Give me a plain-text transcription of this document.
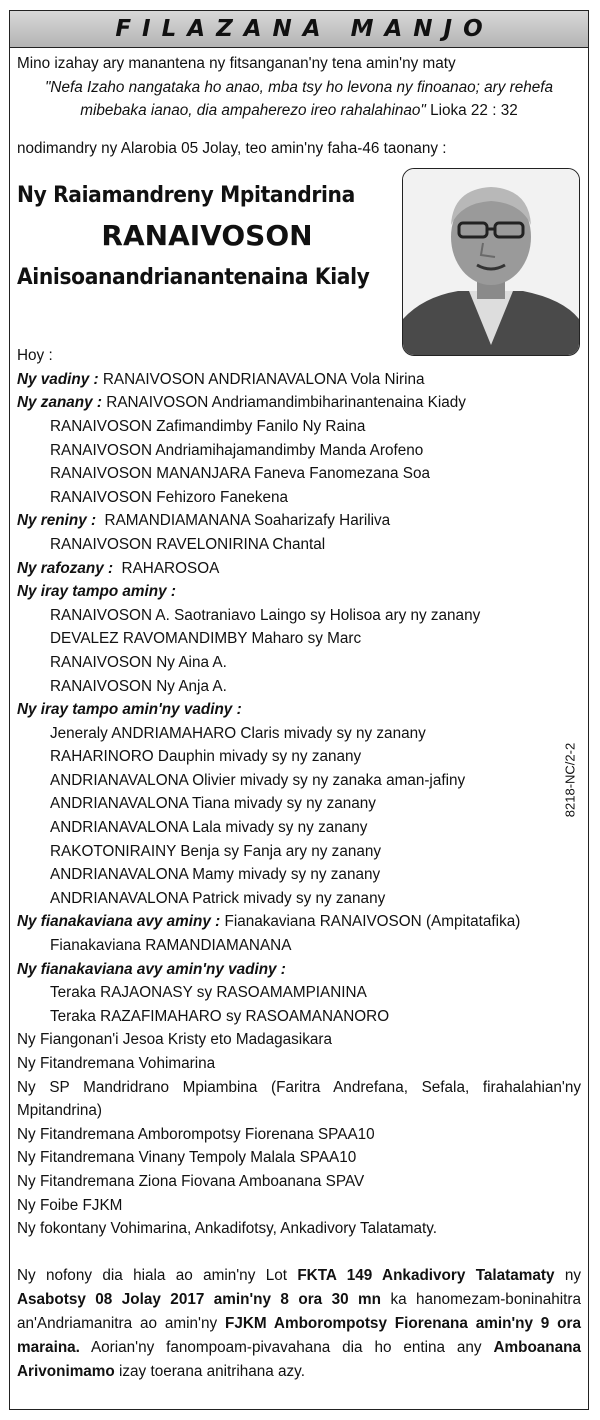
FILAZANA MANJO
Mino izahay ary manantena ny fitsanganan'ny tena amin'ny maty
"Nefa Izaho nangataka ho anao, mba tsy ho levona ny finoanao; ary rehefa mibebaka ianao, dia ampaherezo ireo rahalahinao" Lioka 22 : 32
nodimandry ny Alarobia 05 Jolay, teo amin'ny faha-46 taonany :
Ny Raiamandreny Mpitandrina
RANAIVOSON
Ainisoanandrianantenaina Kialy
Hoy :
Ny vadiny : RANAIVOSON ANDRIANAVALONA Vola Nirina
Ny zanany : RANAIVOSON Andriamandimbiharinantenaina Kiady
RANAIVOSON Zafimandimby Fanilo Ny Raina
RANAIVOSON Andriamihajamandimby Manda Arofeno
RANAIVOSON MANANJARA Faneva Fanomezana Soa
RANAIVOSON Fehizoro Fanekena
Ny reniny :  RAMANDIAMANANA Soaharizafy Hariliva
RANAIVOSON RAVELONIRINA Chantal
Ny rafozany :  RAHAROSOA
Ny iray tampo aminy :
RANAIVOSON A. Saotraniavo Laingo sy Holisoa ary ny zanany
DEVALEZ RAVOMANDIMBY Maharo sy Marc
RANAIVOSON Ny Aina A.
RANAIVOSON Ny Anja A.
Ny iray tampo amin'ny vadiny :
Jeneraly ANDRIAMAHARO Claris mivady sy ny zanany
RAHARINORO Dauphin mivady sy ny zanany
ANDRIANAVALONA Olivier mivady sy ny zanaka aman-jafiny
ANDRIANAVALONA Tiana mivady sy ny zanany
ANDRIANAVALONA Lala mivady sy ny zanany
RAKOTONIRAINY Benja sy Fanja ary ny zanany
ANDRIANAVALONA Mamy mivady sy ny zanany
ANDRIANAVALONA Patrick mivady sy ny zanany
Ny fianakaviana avy aminy : Fianakaviana RANAIVOSON (Ampitatafika)
Fianakaviana RAMANDIAMANANA
Ny fianakaviana avy amin'ny vadiny :
Teraka RAJAONASY sy RASOAMAMPIANINA
Teraka RAZAFIMAHARO sy RASOAMANANORO
Ny Fiangonan'i Jesoa Kristy eto Madagasikara
Ny Fitandremana Vohimarina
Ny SP Mandridrano Mpiambina (Faritra Andrefana, Sefala, firahalahian'ny Mpitandrina)
Ny Fitandremana Amborompotsy Fiorenana SPAA10
Ny Fitandremana Vinany Tempoly Malala SPAA10
Ny Fitandremana Ziona Fiovana Amboanana SPAV
Ny Foibe FJKM
Ny fokontany Vohimarina, Ankadifotsy, Ankadivory Talatamaty.
Ny nofony dia hiala ao amin'ny Lot FKTA 149 Ankadivory Talatamaty ny Asabotsy 08 Jolay 2017 amin'ny 8 ora 30 mn ka hanomezam-boninahitra an'Andriamanitra ao amin'ny FJKM Amborompotsy Fiorenana amin'ny 9 ora maraina. Aorian'ny fanompoam-pivavahana dia ho entina any Amboanana Arivonimamo izay toerana anitrihana azy.
8218-NC/2-2
